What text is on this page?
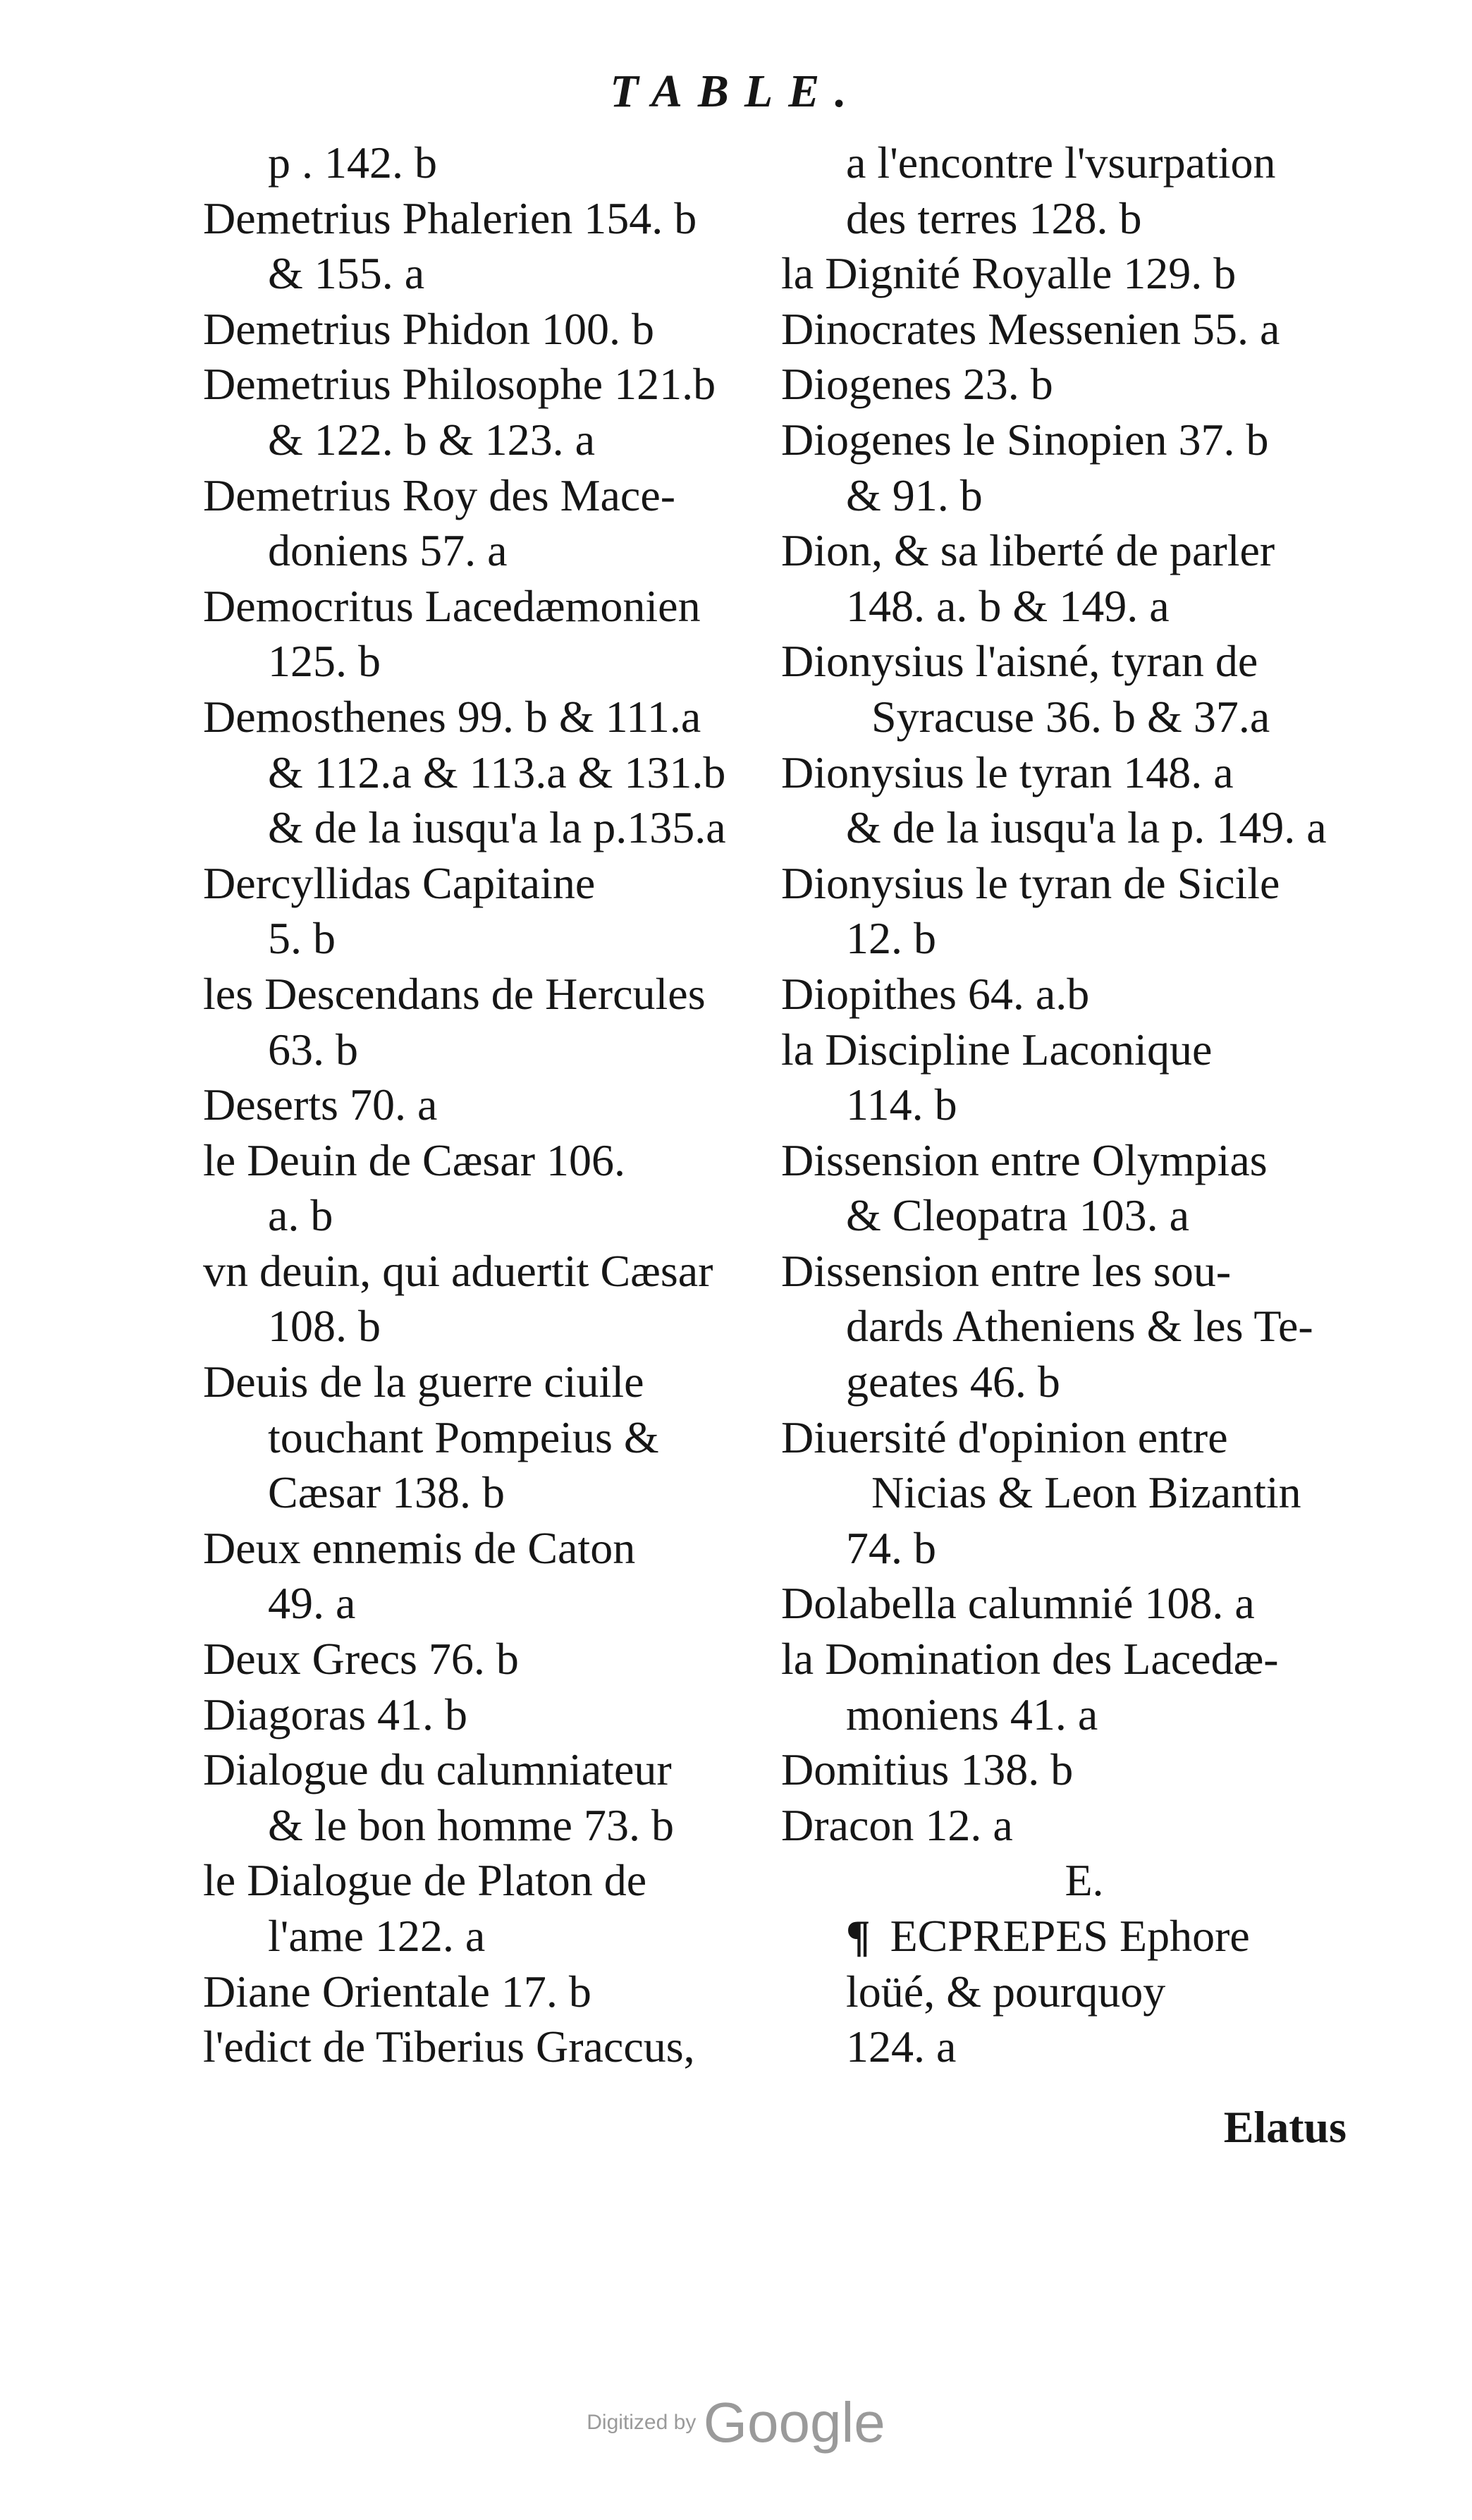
TABLE.
p . 142. b
Demetrius Phalerien 154. b
& 155. a
Demetrius Phidon 100. b
Demetrius Philosophe 121.b
& 122. b & 123. a
Demetrius Roy des Mace-
doniens 57. a
Democritus Lacedæmonien
125. b
Demosthenes 99. b & 111.a
& 112.a & 113.a & 131.b
& de la iusqu'a la p.135.a
Dercyllidas Capitaine
5. b
les Descendans de Hercules
63. b
Deserts 70. a
le Deuin de Cæsar 106.
a. b
vn deuin, qui aduertit Cæsar
108. b
Deuis de la guerre ciuile
touchant Pompeius &
Cæsar 138. b
Deux ennemis de Caton
49. a
Deux Grecs 76. b
Diagoras 41. b
Dialogue du calumniateur
& le bon homme 73. b
le Dialogue de Platon de
l'ame 122. a
Diane Orientale 17. b
l'edict de Tiberius Graccus,
a l'encontre l'vsurpation
des terres 128. b
la Dignité Royalle 129. b
Dinocrates Messenien 55. a
Diogenes 23. b
Diogenes le Sinopien 37. b
& 91. b
Dion, & sa liberté de parler
148. a. b & 149. a
Dionysius l'aisné, tyran de
Syracuse 36. b & 37.a
Dionysius le tyran 148. a
& de la iusqu'a la p. 149. a
Dionysius le tyran de Sicile
12. b
Diopithes 64. a.b
la Discipline Laconique
114. b
Dissension entre Olympias
& Cleopatra 103. a
Dissension entre les sou-
dards Atheniens & les Te-
geates 46. b
Diuersité d'opinion entre
Nicias & Leon Bizantin
74. b
Dolabella calumnié 108. a
la Domination des Lacedæ-
moniens 41. a
Domitius 138. b
Dracon 12. a
E.
¶ ECPREPES Ephore
loüé, & pourquoy
124. a
Elatus
Digitized by Google
